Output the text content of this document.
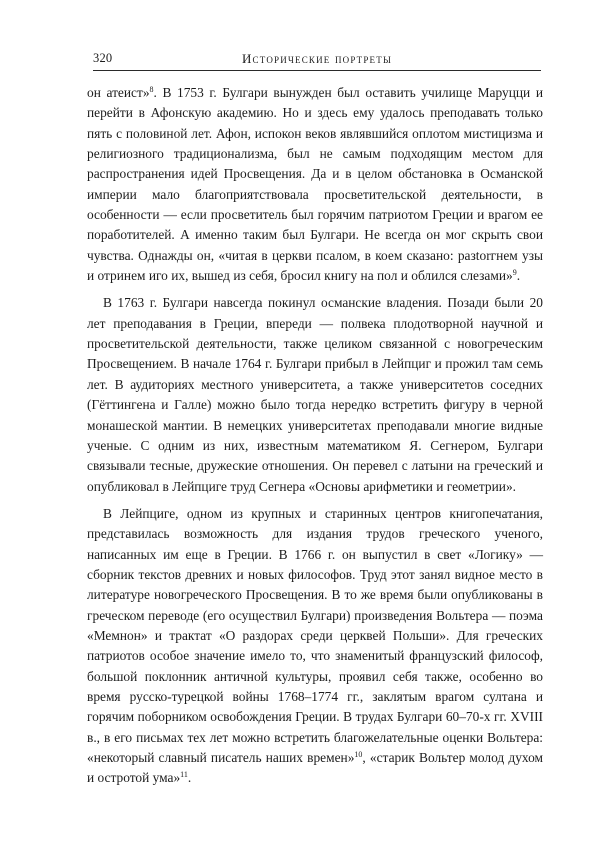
320	Исторические портреты

он атеист»$^8$. В 1753 г. Булгари вынужден был оставить училище Маруцци и перейти в Афонскую академию. Но и здесь ему удалось преподавать только пять с половиной лет. Афон, испокон веков являвшийся оплотом мистицизма и религиозного традиционализма, был не самым подходящим местом для распространения идей Просвещения. Да и в целом обстановка в Османской империи мало благоприятствовала просветительской деятельности, в особенности — если просветитель был горячим патриотом Греции и врагом ее поработителей. А именно таким был Булгари. Не всегда он мог скрыть свои чувства. Однажды он, «читая в церкви псалом, в коем сказано: разtorгнем узы и отринем иго их, вышед из себя, бросил книгу на пол и облился слезами»$^9$.

В 1763 г. Булгари навсегда покинул османские владения. Позади были 20 лет преподавания в Греции, впереди — полвека плодотворной научной и просветительской деятельности, также целиком связанной с новогреческим Просвещением. В начале 1764 г. Булгари прибыл в Лейпциг и прожил там семь лет. В аудиториях местного университета, а также университетов соседних (Гёттингена и Галле) можно было тогда нередко встретить фигуру в черной монашеской мантии. В немецких университетах преподавали многие видные ученые. С одним из них, известным математиком Я. Сегнером, Булгари связывали тесные, дружеские отношения. Он перевел с латыни на греческий и опубликовал в Лейпциге труд Сегнера «Основы арифметики и геометрии».

В Лейпциге, одном из крупных и старинных центров книгопечатания, представилась возможность для издания трудов греческого ученого, написанных им еще в Греции. В 1766 г. он выпустил в свет «Логику» — сборник текстов древних и новых философов. Труд этот занял видное место в литературе новогреческого Просвещения. В то же время были опубликованы в греческом переводе (его осуществил Булгари) произведения Вольтера — поэма «Мемнон» и трактат «О раздорах среди церквей Польши». Для греческих патриотов особое значение имело то, что знаменитый французский философ, большой поклонник античной культуры, проявил себя также, особенно во время русско-турецкой войны 1768–1774 гг., заклятым врагом султана и горячим поборником освобождения Греции. В трудах Булгари 60–70-х гг. XVIII в., в его письмах тех лет можно встретить благожелательные оценки Вольтера: «некоторый славный писатель наших времен»$^{10}$, «старик Вольтер молод духом и остротой ума»$^{11}$.
